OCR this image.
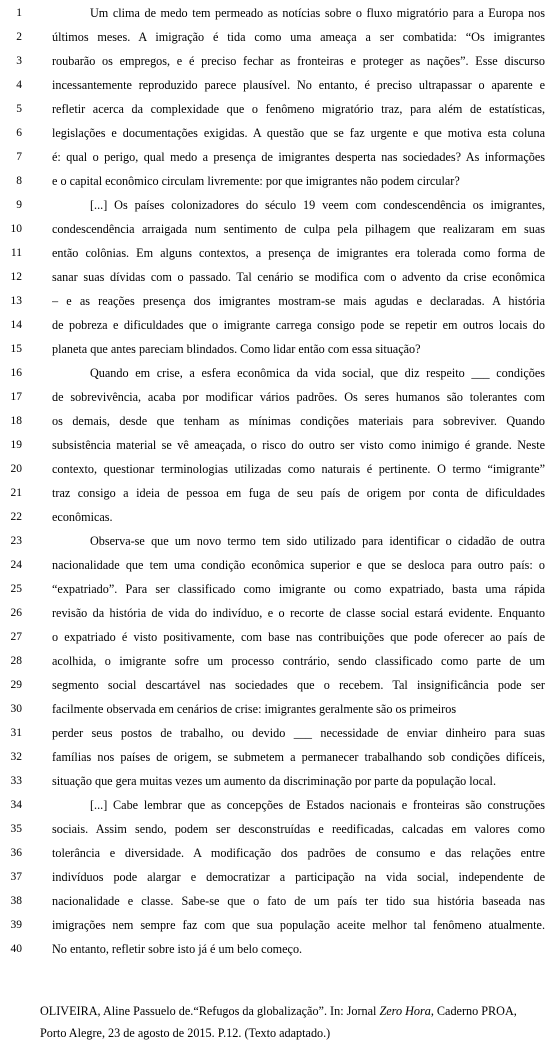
1	Um clima de medo tem permeado as notícias sobre o fluxo migratório para a Europa nos
2 últimos meses. A imigração é tida como uma ameaça a ser combatida: “Os imigrantes
3 roubarão os empregos, e é preciso fechar as fronteiras e proteger as nações”. Esse discurso
4 incessantemente reproduzido parece plausível. No entanto, é preciso ultrapassar o aparente e
5 refletir acerca da complexidade que o fenômeno migratório traz, para além de estatísticas,
6 legislações e documentações exigidas. A questão que se faz urgente e que motiva esta coluna
7 é: qual o perigo, qual medo a presença de imigrantes desperta nas sociedades? As informações
8 e o capital econômico circulam livremente: por que imigrantes não podem circular?
9	[...] Os países colonizadores do século 19 veem com condescendência os imigrantes,
10 condescendência arraigada num sentimento de culpa pela pilhagem que realizaram em suas
11 então colônias. Em alguns contextos, a presença de imigrantes era tolerada como forma de
12 sanar suas dívidas com o passado. Tal cenário se modifica com o advento da crise econômica
13 – e as reações presença dos imigrantes mostram-se mais agudas e declaradas. A história
14 de pobreza e dificuldades que o imigrante carrega consigo pode se repetir em outros locais do
15 planeta que antes pareciam blindados. Como lidar então com essa situação?
16	Quando em crise, a esfera econômica da vida social, que diz respeito ___ condições
17 de sobrevivência, acaba por modificar vários padrões. Os seres humanos são tolerantes com
18 os demais, desde que tenham as mínimas condições materiais para sobreviver. Quando
19 subsistência material se vê ameaçada, o risco do outro ser visto como inimigo é grande. Neste
20 contexto, questionar terminologias utilizadas como naturais é pertinente. O termo “imigrante”
21 traz consigo a ideia de pessoa em fuga de seu país de origem por conta de dificuldades
22 econômicas.
23	Observa-se que um novo termo tem sido utilizado para identificar o cidadão de outra
24 nacionalidade que tem uma condição econômica superior e que se desloca para outro país: o
25 “expatriado”. Para ser classificado como imigrante ou como expatriado, basta uma rápida
26 revisão da história de vida do indivíduo, e o recorte de classe social estará evidente. Enquanto
27 o expatriado é visto positivamente, com base nas contribuições que pode oferecer ao país de
28 acolhida, o imigrante sofre um processo contrário, sendo classificado como parte de um
29 segmento social descartável nas sociedades que o recebem. Tal insignificância pode ser
30 facilmente observada em cenários de crise: imigrantes geralmente são os primeiros
31 perder seus postos de trabalho, ou devido ___ necessidade de enviar dinheiro para suas
32 famílias nos países de origem, se submetem a permanecer trabalhando sob condições difíceis,
33 situação que gera muitas vezes um aumento da discriminação por parte da população local.
34	[...] Cabe lembrar que as concepções de Estados nacionais e fronteiras são construções
35 sociais. Assim sendo, podem ser desconstruídas e reedificadas, calcadas em valores como
36 tolerância e diversidade. A modificação dos padrões de consumo e das relações entre
37 indivíduos pode alargar e democratizar a participação na vida social, independente de
38 nacionalidade e classe. Sabe-se que o fato de um país ter tido sua história baseada nas
39 imigrações nem sempre faz com que sua população aceite melhor tal fenômeno atualmente.
40 No entanto, refletir sobre isto já é um belo começo.
OLIVEIRA, Aline Passuelo de.“Refugos da globalização”. In: Jornal Zero Hora, Caderno PROA,
Porto Alegre, 23 de agosto de 2015. P.12. (Texto adaptado.)
